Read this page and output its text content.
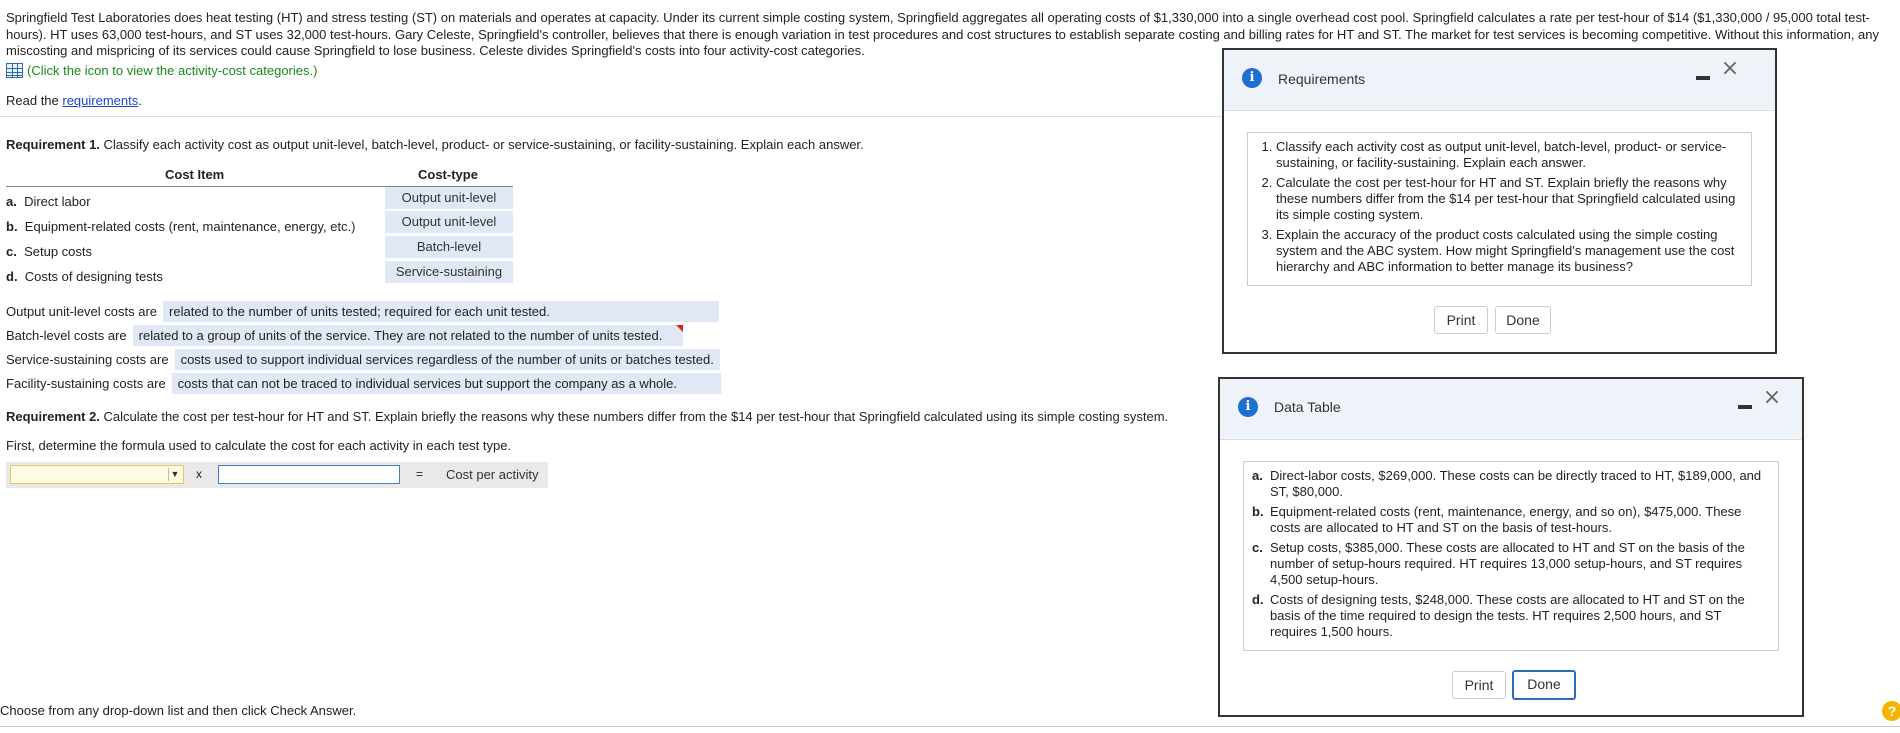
Springfield Test Laboratories does heat testing (HT) and stress testing (ST) on materials and operates at capacity. Under its current simple costing system, Springfield aggregates all operating costs of $1,330,000 into a single overhead cost pool. Springfield calculates a rate per test-hour of $14 ($1,330,000 / 95,000 total test-hours). HT uses 63,000 test-hours, and ST uses 32,000 test-hours. Gary Celeste, Springfield's controller, believes that there is enough variation in test procedures and cost structures to establish separate costing and billing rates for HT and ST. The market for test services is becoming competitive. Without this information, any miscosting and mispricing of its services could cause Springfield to lose business. Celeste divides Springfield's costs into four activity-cost categories.
(Click the icon to view the activity-cost categories.)
Read the requirements.
Requirement 1. Classify each activity cost as output unit-level, batch-level, product- or service-sustaining, or facility-sustaining. Explain each answer.
Cost Item	Cost-type
a. Direct labor	Output unit-level
b. Equipment-related costs (rent, maintenance, energy, etc.)	Output unit-level
c. Setup costs	Batch-level
d. Costs of designing tests	Service-sustaining
Output unit-level costs are related to the number of units tested; required for each unit tested.
Batch-level costs are related to a group of units of the service. They are not related to the number of units tested.
Service-sustaining costs are costs used to support individual services regardless of the number of units or batches tested.
Facility-sustaining costs are costs that can not be traced to individual services but support the company as a whole.
Requirement 2. Calculate the cost per test-hour for HT and ST. Explain briefly the reasons why these numbers differ from the $14 per test-hour that Springfield calculated using its simple costing system.
First, determine the formula used to calculate the cost for each activity in each test type.
▼ x	= Cost per activity
Choose from any drop-down list and then click Check Answer.	?
i	Requirements	×
1. Classify each activity cost as output unit-level, batch-level, product- or service-sustaining, or facility-sustaining. Explain each answer.
2. Calculate the cost per test-hour for HT and ST. Explain briefly the reasons why these numbers differ from the $14 per test-hour that Springfield calculated using its simple costing system.
3. Explain the accuracy of the product costs calculated using the simple costing system and the ABC system. How might Springfield's management use the cost hierarchy and ABC information to better manage its business?
Print	Done
i	Data Table	×
a. Direct-labor costs, $269,000. These costs can be directly traced to HT, $189,000, and ST, $80,000.
b. Equipment-related costs (rent, maintenance, energy, and so on), $475,000. These costs are allocated to HT and ST on the basis of test-hours.
c. Setup costs, $385,000. These costs are allocated to HT and ST on the basis of the number of setup-hours required. HT requires 13,000 setup-hours, and ST requires 4,500 setup-hours.
d. Costs of designing tests, $248,000. These costs are allocated to HT and ST on the basis of the time required to design the tests. HT requires 2,500 hours, and ST requires 1,500 hours.
Print	Done
